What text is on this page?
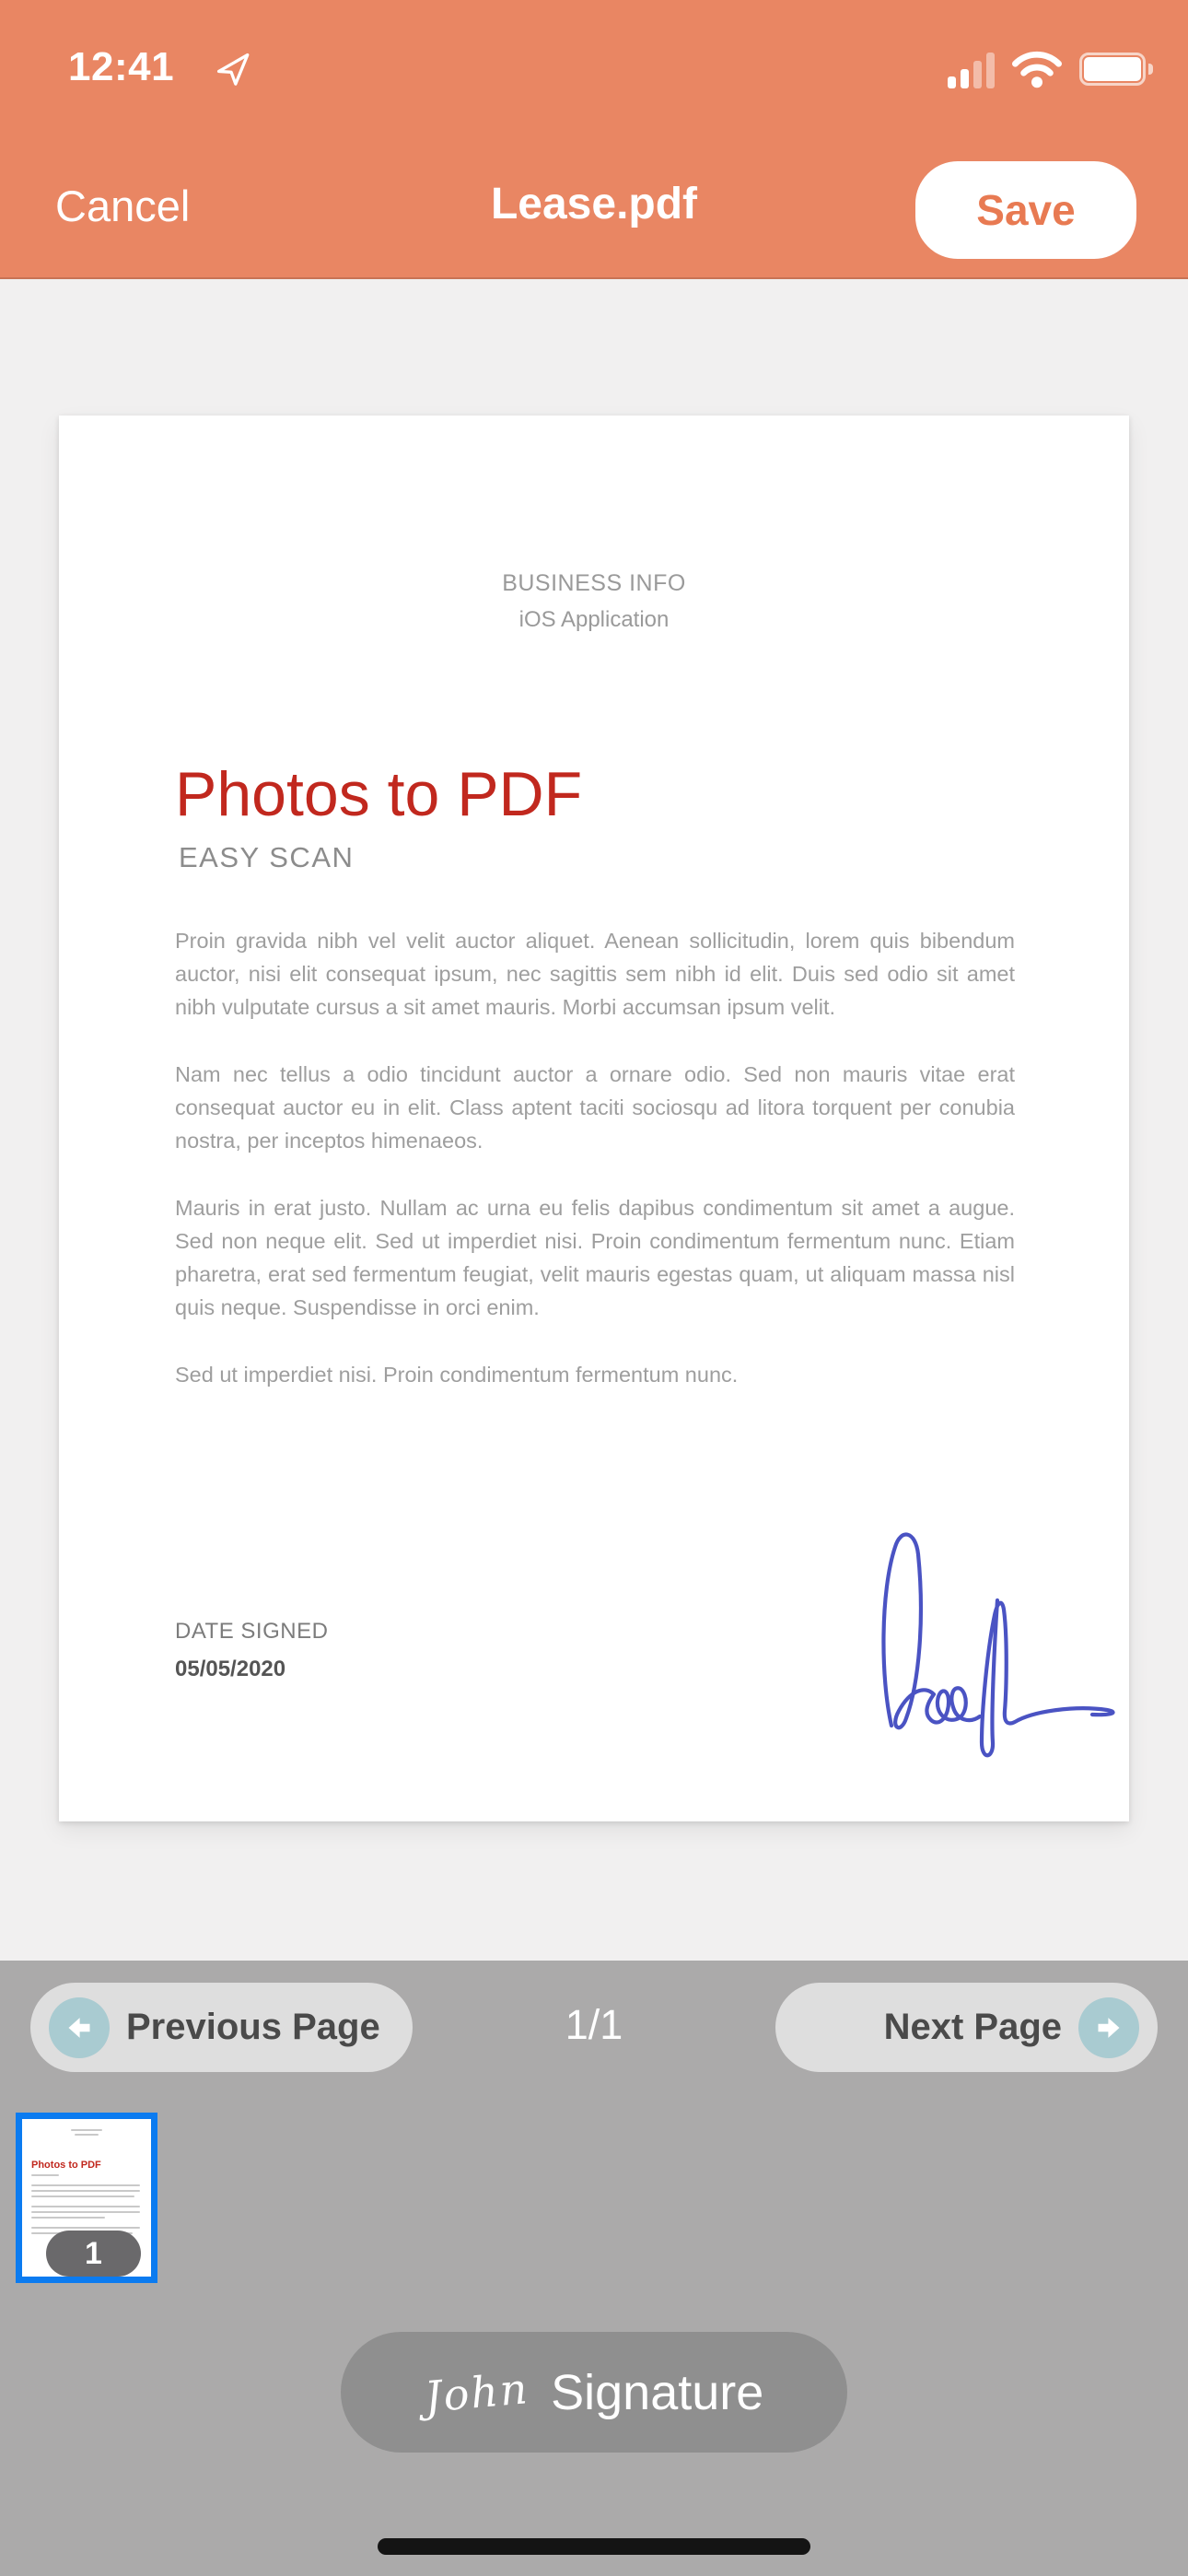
12:41
Cancel	Lease.pdf	Save
BUSINESS INFO
iOS Application
Photos to PDF
EASY SCAN

Proin gravida nibh vel velit auctor aliquet. Aenean sollicitudin, lorem quis bibendum auctor, nisi elit consequat ipsum, nec sagittis sem nibh id elit. Duis sed odio sit amet nibh vulputate cursus a sit amet mauris. Morbi accumsan ipsum velit.

Nam nec tellus a odio tincidunt auctor a ornare odio. Sed non mauris vitae erat consequat auctor eu in elit. Class aptent taciti sociosqu ad litora torquent per conubia nostra, per inceptos himenaeos.

Mauris in erat justo. Nullam ac urna eu felis dapibus condimentum sit amet a augue. Sed non neque elit. Sed ut imperdiet nisi. Proin condimentum fermentum nunc. Etiam pharetra, erat sed fermentum feugiat, velit mauris egestas quam, ut aliquam massa nisl quis neque. Suspendisse in orci enim.

Sed ut imperdiet nisi. Proin condimentum fermentum nunc.

DATE SIGNED
05/05/2020
Previous Page	1/1	Next Page
Photos to PDF
1
John Signature
